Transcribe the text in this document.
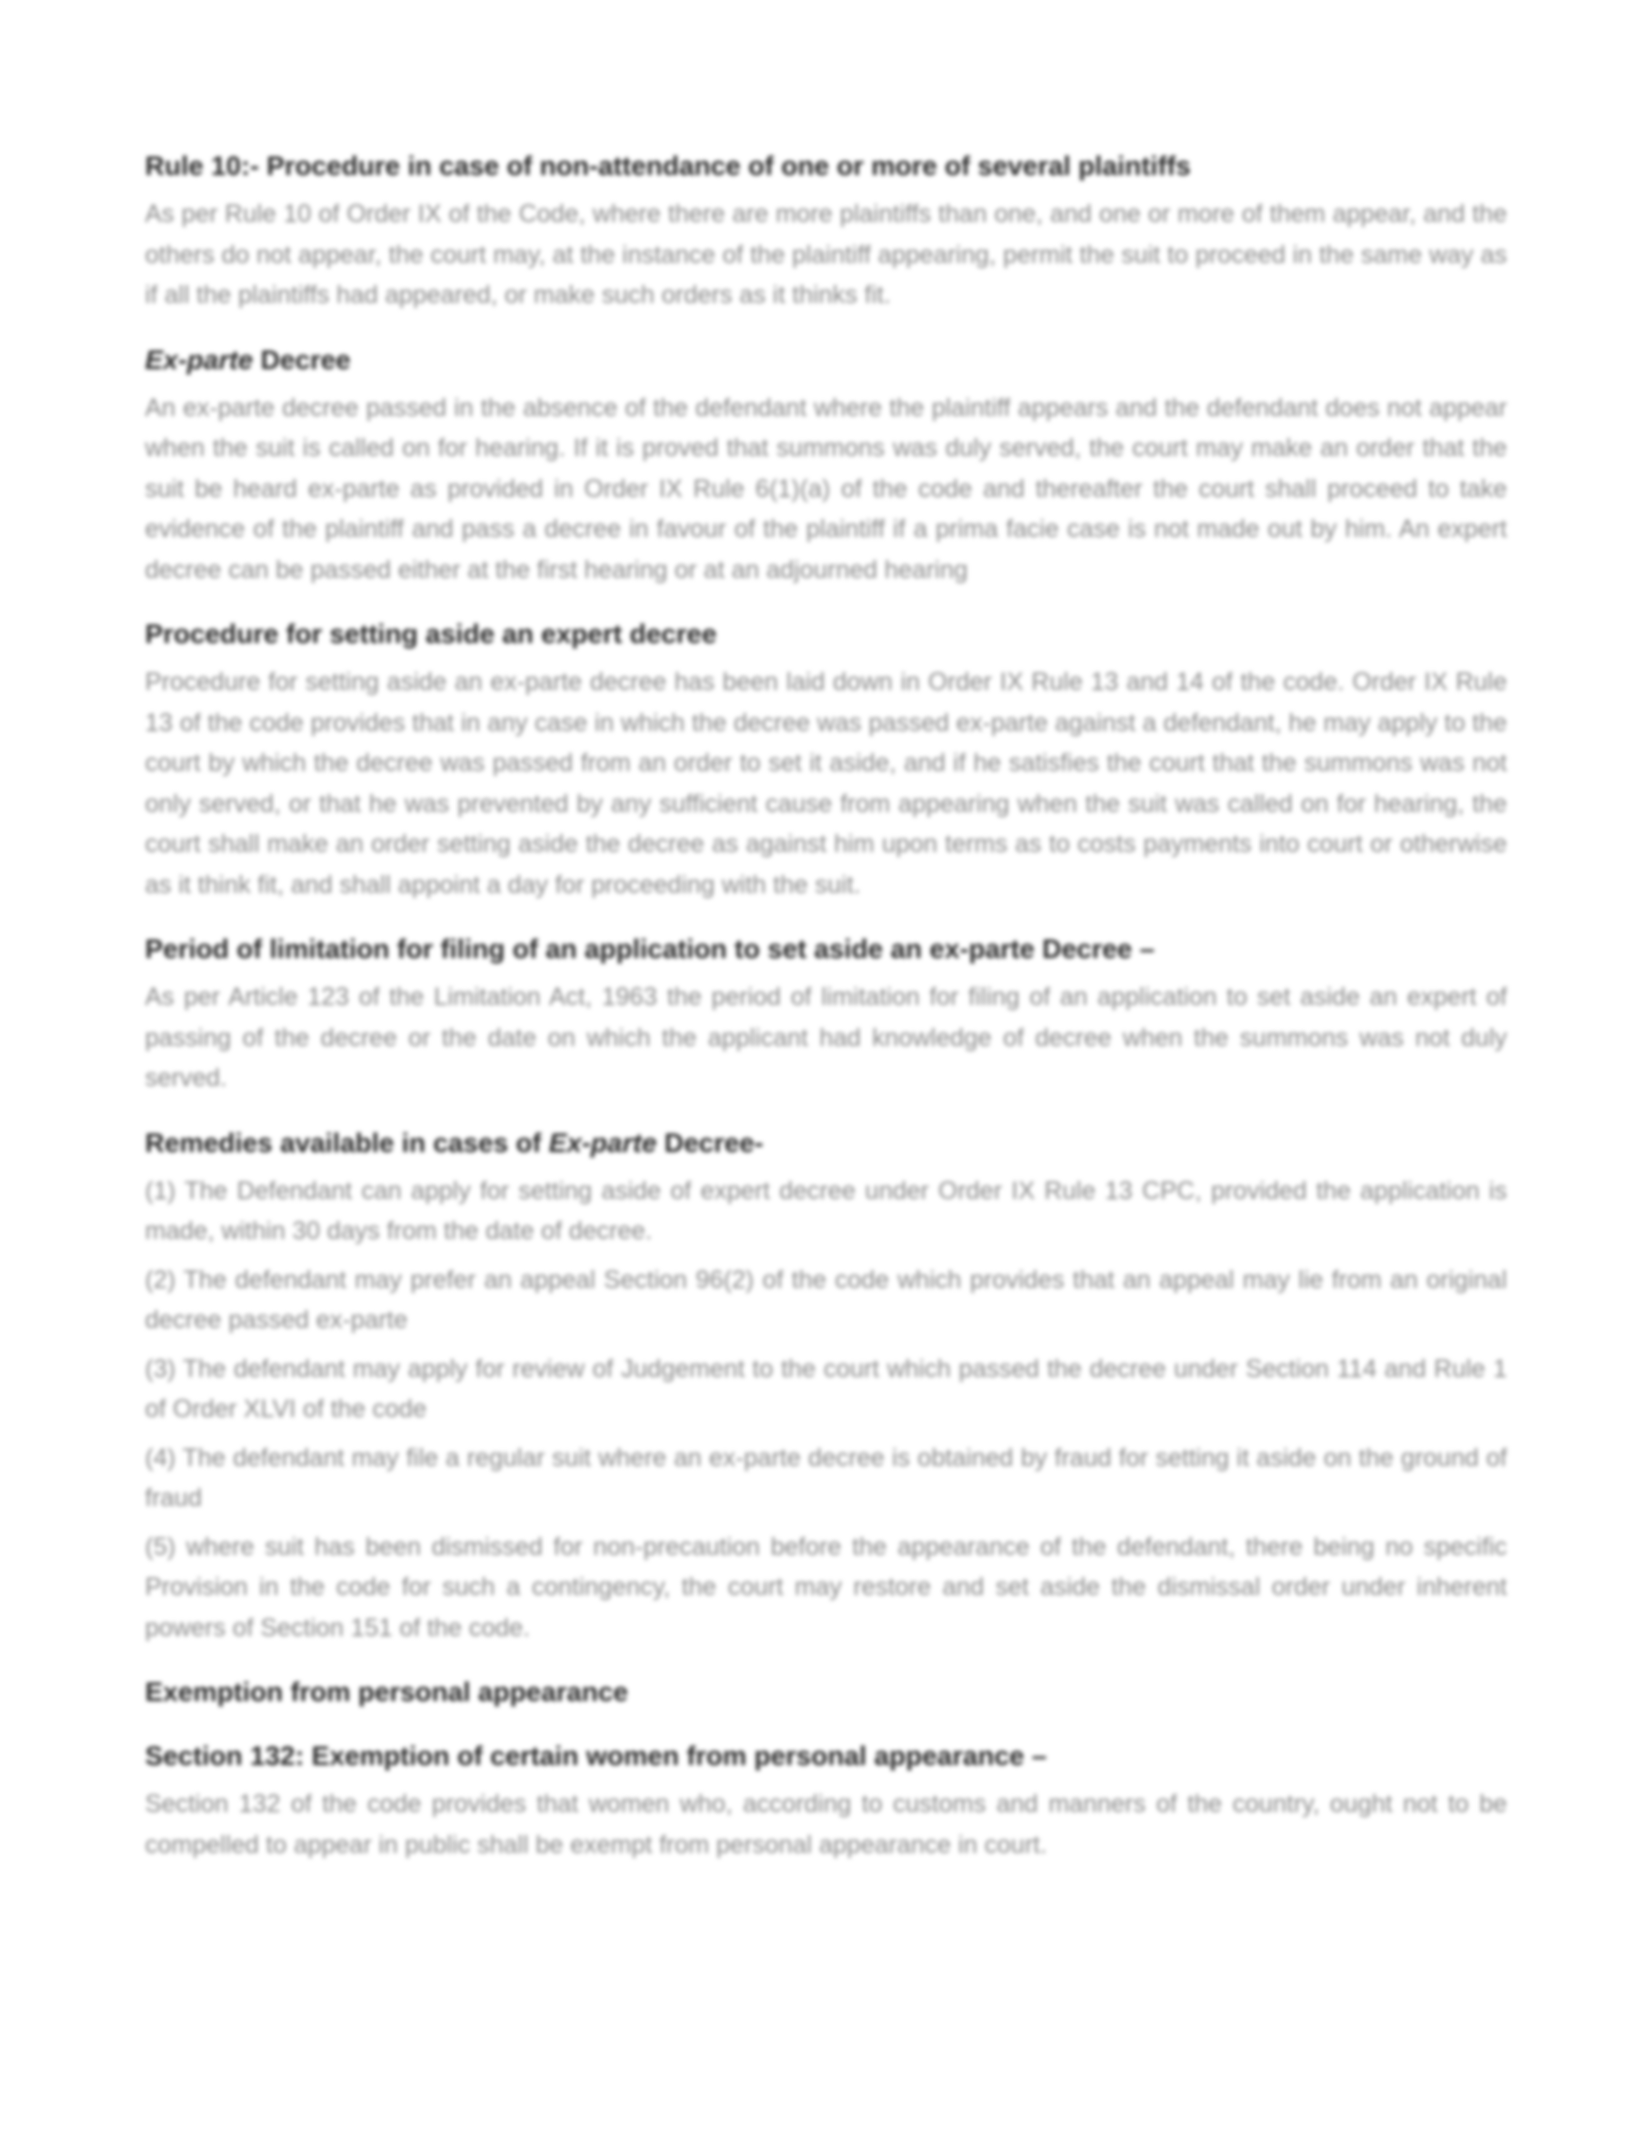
Rule 10:- Procedure in case of non-attendance of one or more of several plaintiffs

As per Rule 10 of Order IX of the Code, where there are more plaintiffs than one, and one or more of them appear, and the others do not appear, the court may, at the instance of the plaintiff appearing, permit the suit to proceed in the same way as if all the plaintiffs had appeared, or make such orders as it thinks fit.

Ex-parte Decree

An ex-parte decree passed in the absence of the defendant where the plaintiff appears and the defendant does not appear when the suit is called on for hearing. If it is proved that summons was duly served, the court may make an order that the suit be heard ex-parte as provided in Order IX Rule 6(1)(a) of the code and thereafter the court shall proceed to take evidence of the plaintiff and pass a decree in favour of the plaintiff if a prima facie case is not made out by him. An expert decree can be passed either at the first hearing or at an adjourned hearing

Procedure for setting aside an expert decree

Procedure for setting aside an ex-parte decree has been laid down in Order IX Rule 13 and 14 of the code. Order IX Rule 13 of the code provides that in any case in which the decree was passed ex-parte against a defendant, he may apply to the court by which the decree was passed from an order to set it aside, and if he satisfies the court that the summons was not only served, or that he was prevented by any sufficient cause from appearing when the suit was called on for hearing, the court shall make an order setting aside the decree as against him upon terms as to costs payments into court or otherwise as it think fit, and shall appoint a day for proceeding with the suit.

Period of limitation for filing of an application to set aside an ex-parte Decree –

As per Article 123 of the Limitation Act, 1963 the period of limitation for filing of an application to set aside an expert of passing of the decree or the date on which the applicant had knowledge of decree when the summons was not duly served.

Remedies available in cases of Ex-parte Decree-

(1) The Defendant can apply for setting aside of expert decree under Order IX Rule 13 CPC, provided the application is made, within 30 days from the date of decree.

(2) The defendant may prefer an appeal Section 96(2) of the code which provides that an appeal may lie from an original decree passed ex-parte

(3) The defendant may apply for review of Judgement to the court which passed the decree under Section 114 and Rule 1 of Order XLVI of the code

(4) The defendant may file a regular suit where an ex-parte decree is obtained by fraud for setting it aside on the ground of fraud

(5) where suit has been dismissed for non-precaution before the appearance of the defendant, there being no specific Provision in the code for such a contingency, the court may restore and set aside the dismissal order under inherent powers of Section 151 of the code.

Exemption from personal appearance
Section 132: Exemption of certain women from personal appearance –

Section 132 of the code provides that women who, according to customs and manners of the country, ought not to be compelled to appear in public shall be exempt from personal appearance in court.
